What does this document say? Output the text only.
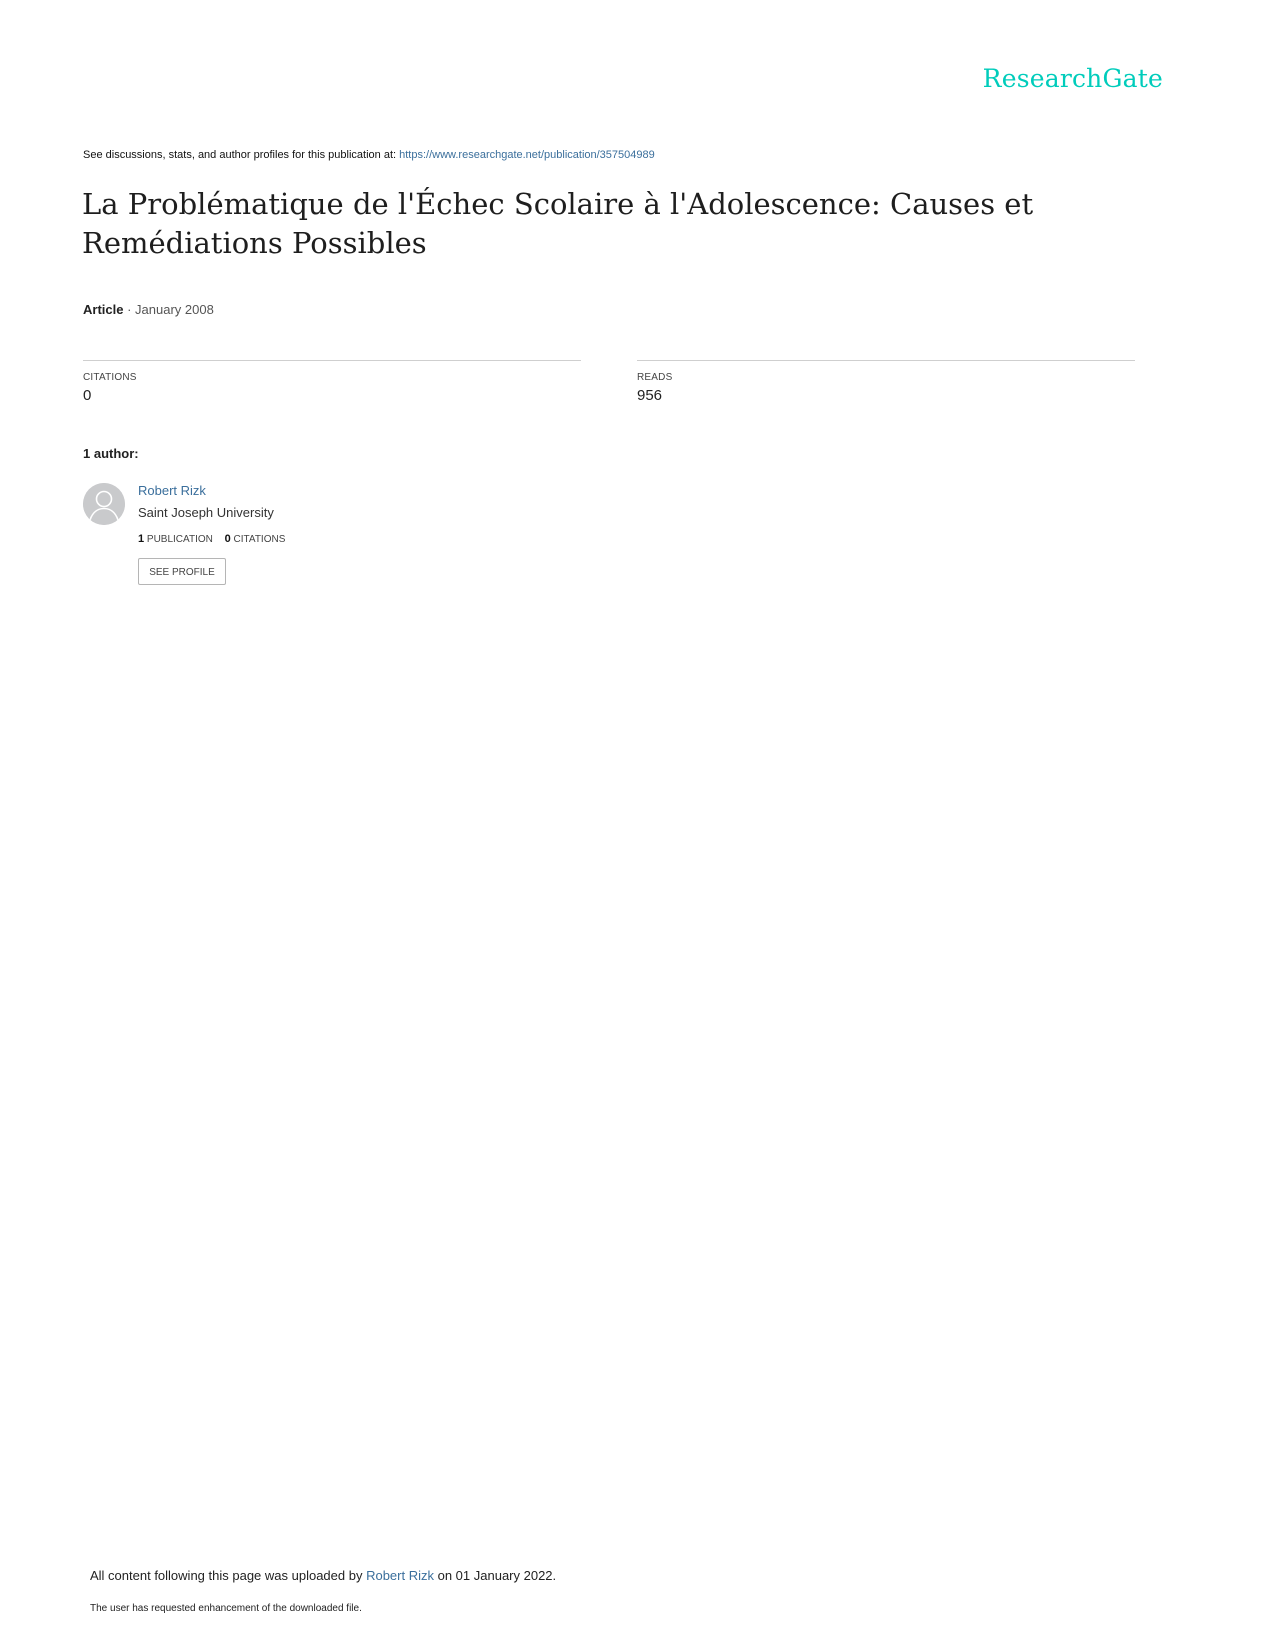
ResearchGate
See discussions, stats, and author profiles for this publication at: https://www.researchgate.net/publication/357504989
La Problématique de l'Échec Scolaire à l'Adolescence: Causes et Remédiations Possibles
Article · January 2008
CITATIONS
0
READS
956
1 author:
Robert Rizk
Saint Joseph University
1 PUBLICATION 0 CITATIONS
SEE PROFILE
All content following this page was uploaded by Robert Rizk on 01 January 2022.
The user has requested enhancement of the downloaded file.
